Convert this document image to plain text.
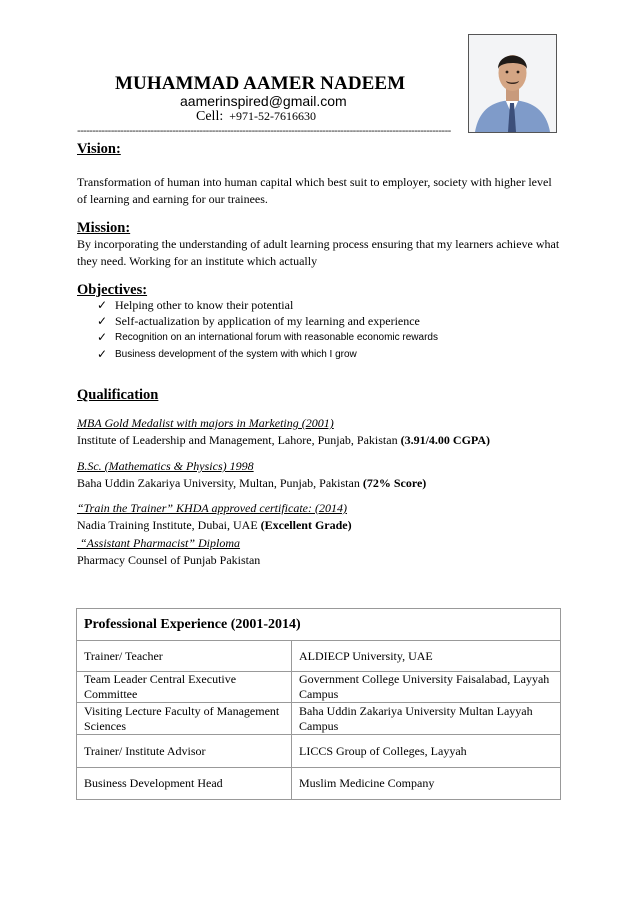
MUHAMMAD AAMER NADEEM
aamerinspired@gmail.com
Cell: +971-52-7616630
--------------------------------------------------------------------------------------------------------------------------
Vision:
Transformation of human into human capital which best suit to employer, society with higher level of learning and earning for our trainees.
Mission:
By incorporating the understanding of adult learning process ensuring that my learners achieve what they need. Working for an institute which actually
Objectives:
✓ Helping other to know their potential
✓ Self-actualization by application of my learning and experience
✓ Recognition on an international forum with reasonable economic rewards
✓ Business development of the system with which I grow
Qualification
MBA Gold Medalist with majors in Marketing (2001)
Institute of Leadership and Management, Lahore, Punjab, Pakistan (3.91/4.00 CGPA)
B.Sc. (Mathematics & Physics) 1998
Baha Uddin Zakariya University, Multan, Punjab, Pakistan (72% Score)
“Train the Trainer” KHDA approved certificate: (2014)
Nadia Training Institute, Dubai, UAE (Excellent Grade)
“Assistant Pharmacist” Diploma
Pharmacy Counsel of Punjab Pakistan
Professional Experience (2001-2014)	
Trainer/ Teacher	ALDIECP University, UAE
Team Leader Central Executive Committee	Government College University Faisalabad, Layyah Campus
Visiting Lecture Faculty of Management Sciences	Baha Uddin Zakariya University Multan Layyah Campus
Trainer/ Institute Advisor	LICCS Group of Colleges, Layyah
Business Development Head	Muslim Medicine Company
